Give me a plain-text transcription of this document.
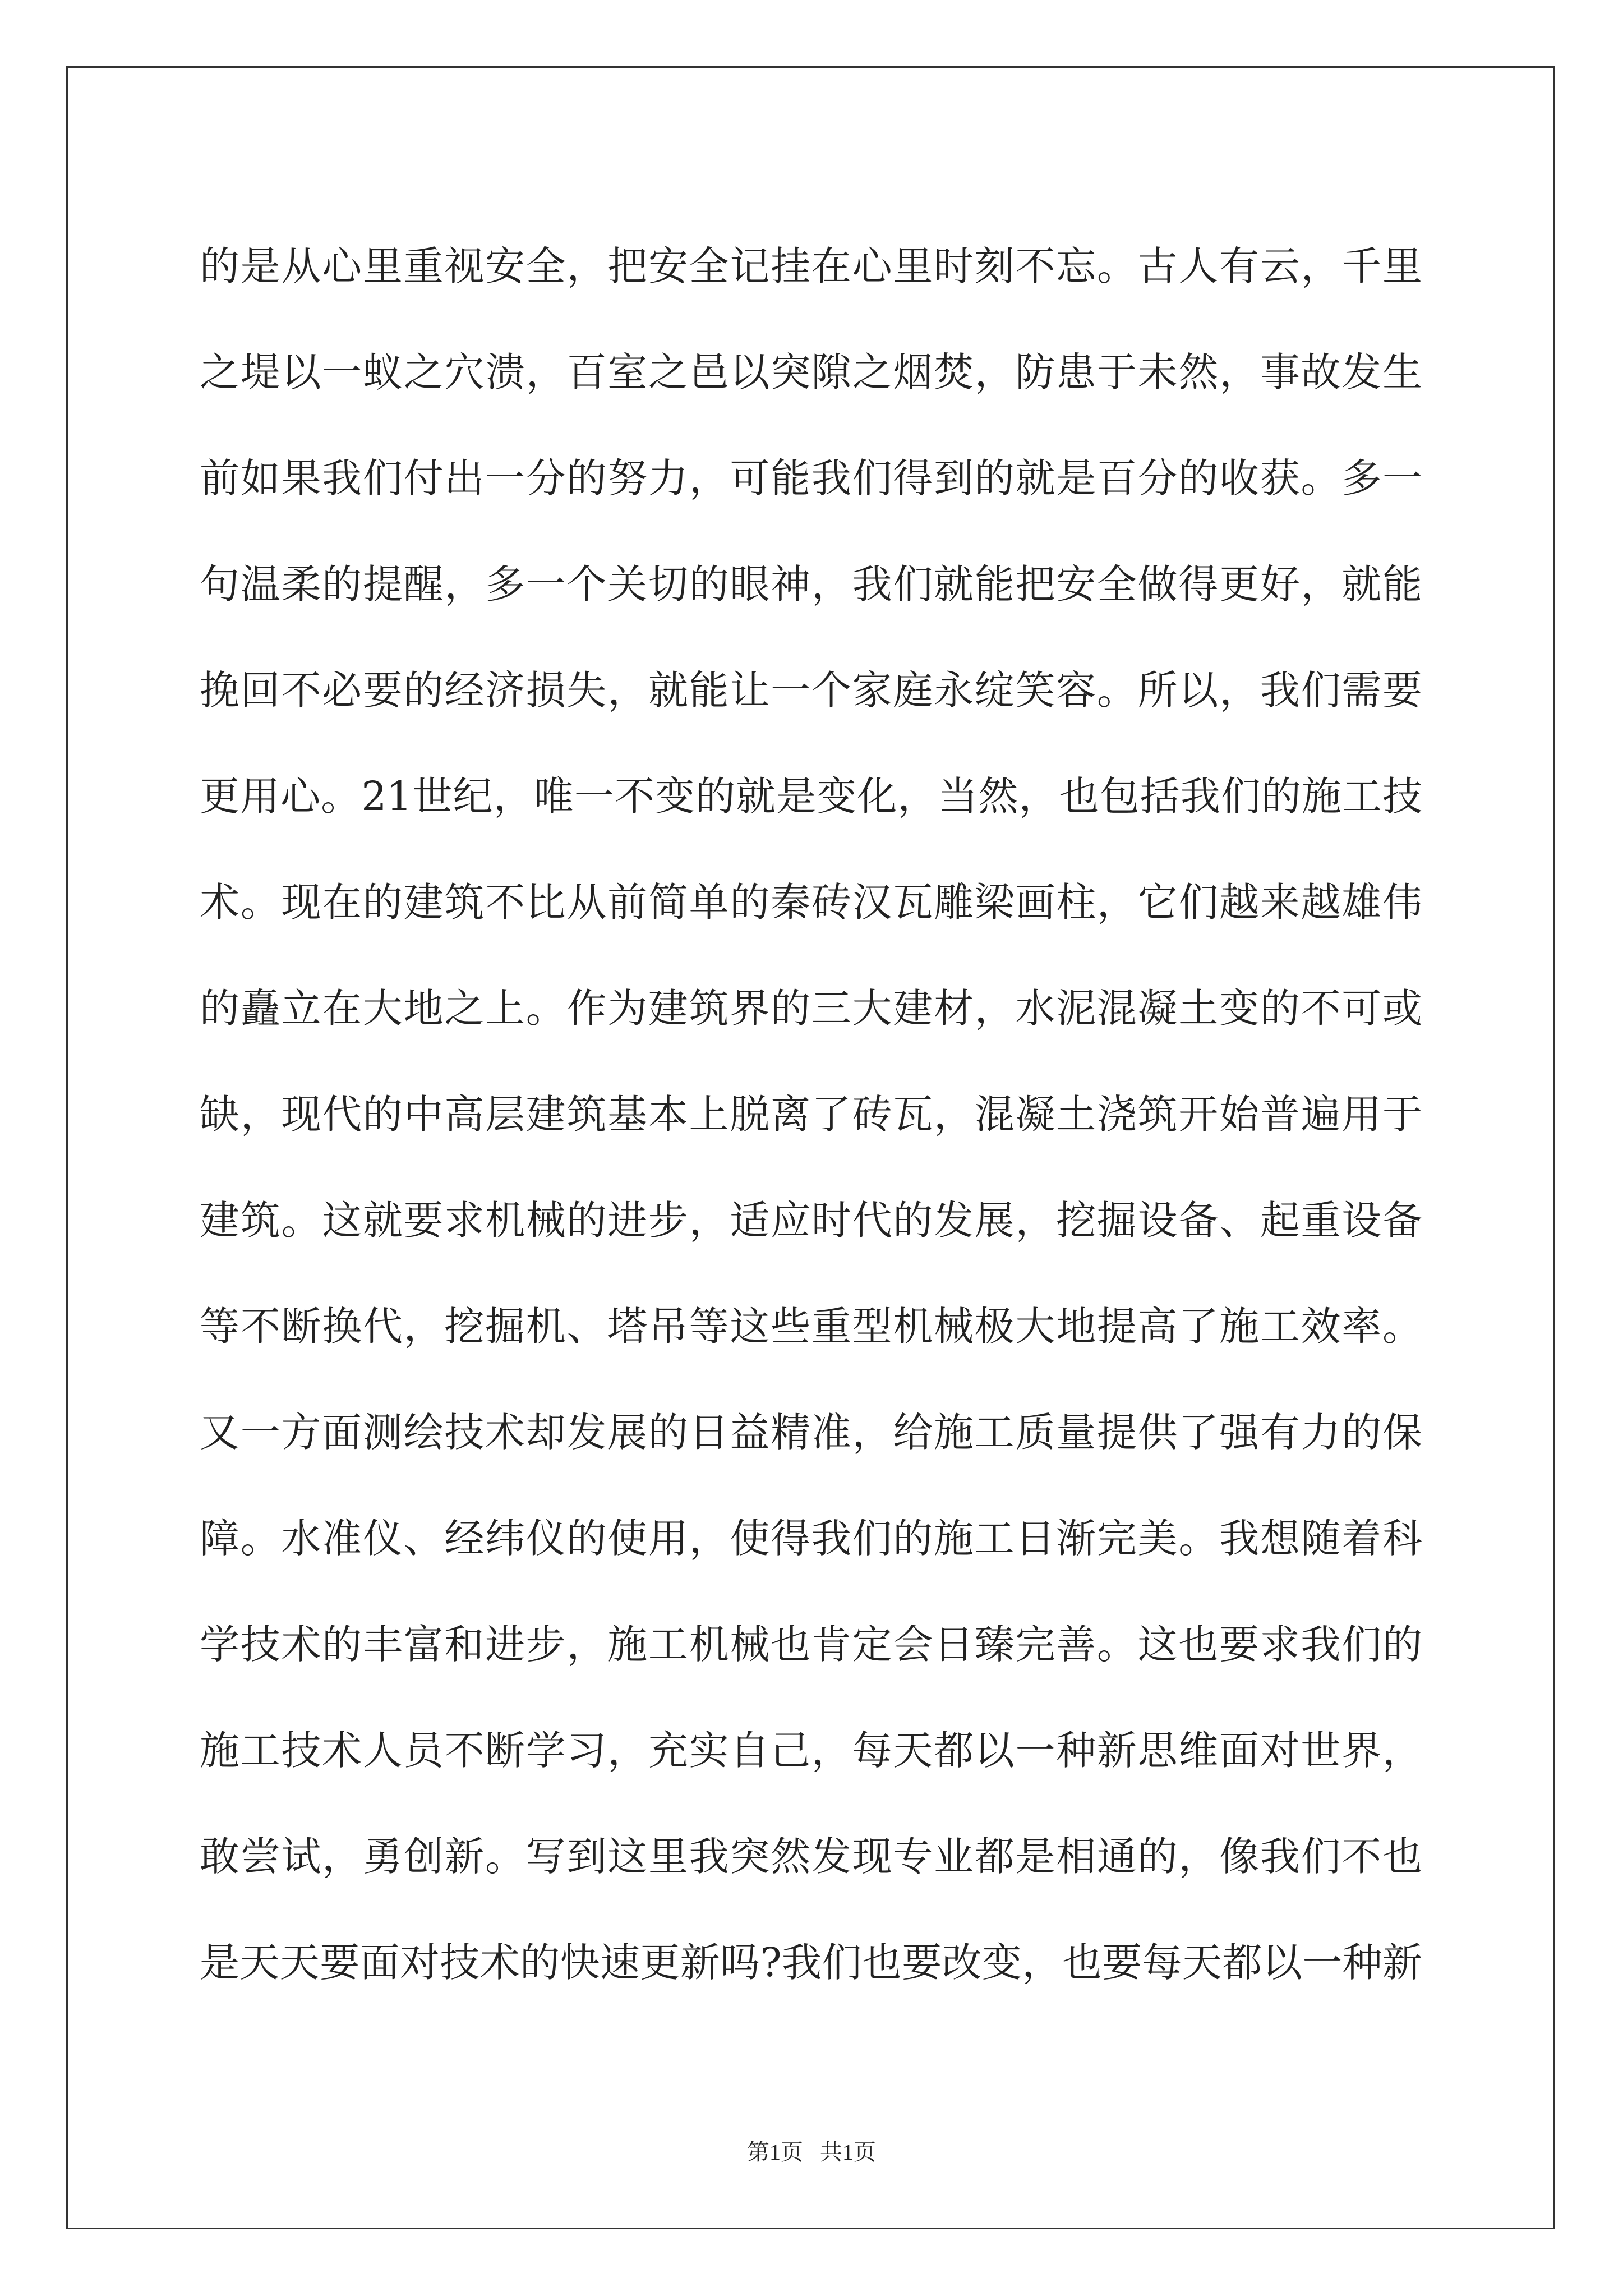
的是从心里重视安全，把安全记挂在心里时刻不忘。古人有云，千里
之堤以一蚁之穴溃，百室之邑以突隙之烟焚，防患于未然，事故发生
前如果我们付出一分的努力，可能我们得到的就是百分的收获。多一
句温柔的提醒，多一个关切的眼神，我们就能把安全做得更好，就能
挽回不必要的经济损失，就能让一个家庭永绽笑容。所以，我们需要
更用心。21世纪，唯一不变的就是变化，当然，也包括我们的施工技
术。现在的建筑不比从前简单的秦砖汉瓦雕梁画柱，它们越来越雄伟
的矗立在大地之上。作为建筑界的三大建材，水泥混凝土变的不可或
缺，现代的中高层建筑基本上脱离了砖瓦，混凝土浇筑开始普遍用于
建筑。这就要求机械的进步，适应时代的发展，挖掘设备、起重设备
等不断换代，挖掘机、塔吊等这些重型机械极大地提高了施工效率。
又一方面测绘技术却发展的日益精准，给施工质量提供了强有力的保
障。水准仪、经纬仪的使用，使得我们的施工日渐完美。我想随着科
学技术的丰富和进步，施工机械也肯定会日臻完善。这也要求我们的
施工技术人员不断学习，充实自己，每天都以一种新思维面对世界，
敢尝试，勇创新。写到这里我突然发现专业都是相通的，像我们不也
是天天要面对技术的快速更新吗?我们也要改变，也要每天都以一种新
第1页   共1页
